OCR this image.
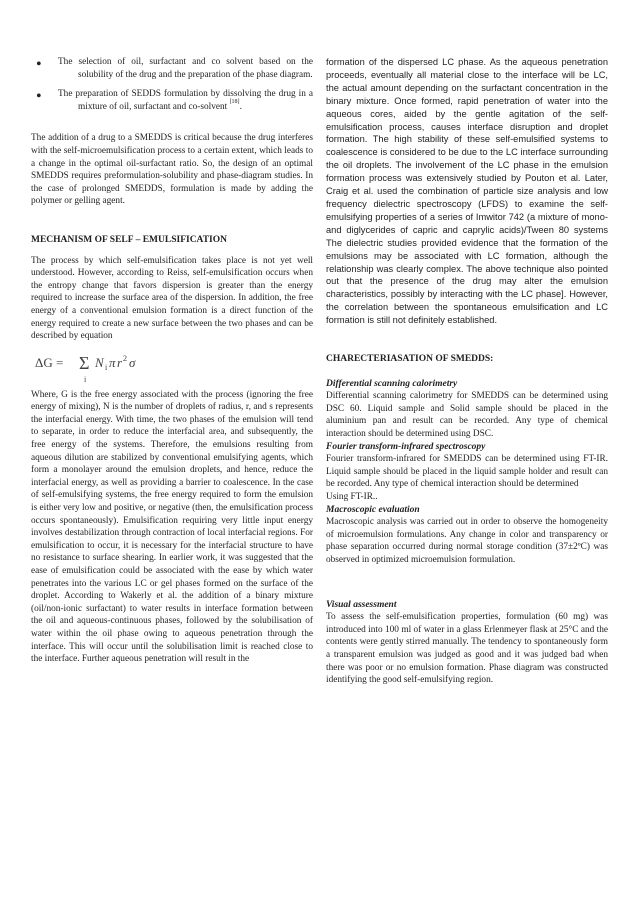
• The selection of oil, surfactant and co solvent based on the solubility of the drug and the preparation of the phase diagram.

• The preparation of SEDDS formulation by dissolving the drug in a mixture of oil, surfactant and co-solvent [18].

The addition of a drug to a SMEDDS is critical because the drug interferes with the self-microemulsification process to a certain extent, which leads to a change in the optimal oil-surfactant ratio. So, the design of an optimal SMEDDS requires preformulation-solubility and phase-diagram studies. In the case of prolonged SMEDDS, formulation is made by adding the polymer or gelling agent.

MECHANISM OF SELF – EMULSIFICATION

The process by which self-emulsification takes place is not yet well understood. However, according to Reiss, self-emulsification occurs when the entropy change that favors dispersion is greater than the energy required to increase the surface area of the dispersion. In addition, the free energy of a conventional emulsion formation is a direct function of the energy required to create a new surface between the two phases and can be described by equation

ΔG = Σ
i
N i π r 2 σ

Where, G is the free energy associated with the process (ignoring the free energy of mixing), N is the number of droplets of radius, r, and s represents the interfacial energy. With time, the two phases of the emulsion will tend to separate, in order to reduce the interfacial area, and subsequently, the free energy of the systems. Therefore, the emulsions resulting from aqueous dilution are stabilized by conventional emulsifying agents, which form a monolayer around the emulsion droplets, and hence, reduce the interfacial energy, as well as providing a barrier to coalescence. In the case of self-emulsifying systems, the free energy required to form the emulsion is either very low and positive, or negative (then, the emulsification process occurs spontaneously). Emulsification requiring very little input energy involves destabilization through contraction of local interfacial regions. For emulsification to occur, it is necessary for the interfacial structure to have no resistance to surface shearing. In earlier work, it was suggested that the ease of emulsification could be associated with the ease by which water penetrates into the various LC or gel phases formed on the surface of the droplet. According to Wakerly et al. the addition of a binary mixture (oil/non-ionic surfactant) to water results in interface formation between the oil and aqueous-continuous phases, followed by the solubilisation of water within the oil phase owing to aqueous penetration through the interface. This will occur until the solubilisation limit is reached close to the interface. Further aqueous penetration will result in the

formation of the dispersed LC phase. As the aqueous penetration proceeds, eventually all material close to the interface will be LC, the actual amount depending on the surfactant concentration in the binary mixture. Once formed, rapid penetration of water into the aqueous cores, aided by the gentle agitation of the self-emulsification process, causes interface disruption and droplet formation. The high stability of these self-emulsified systems to coalescence is considered to be due to the LC interface surrounding the oil droplets. The involvement of the LC phase in the emulsion formation process was extensively studied by Pouton et al. Later, Craig et al. used the combination of particle size analysis and low frequency dielectric spectroscopy (LFDS) to examine the self-emulsifying properties of a series of Imwitor 742 (a mixture of mono- and diglycerides of capric and caprylic acids)/Tween 80 systems The dielectric studies provided evidence that the formation of the emulsions may be associated with LC formation, although the relationship was clearly complex. The above technique also pointed out that the presence of the drug may alter the emulsion characteristics, possibly by interacting with the LC phase]. However, the correlation between the spontaneous emulsification and LC formation is still not definitely established.

CHARECTERIASATION OF SMEDDS:

Differential scanning calorimetry

Differential scanning calorimetry for SMEDDS can be determined using DSC 60. Liquid sample and Solid sample should be placed in the aluminium pan and result can be recorded. Any type of chemical interaction should be determined using DSC.

Fourier transform-infrared spectroscopy

Fourier transform-infrared for SMEDDS can be determined using FT-IR. Liquid sample should be placed in the liquid sample holder and result can be recorded. Any type of chemical interaction should be determined

Using FT-IR..

Macroscopic evaluation

Macroscopic analysis was carried out in order to observe the homogeneity of microemulsion formulations. Any change in color and transparency or phase separation occurred during normal storage condition (37±2ºC) was observed in optimized microemulsion formulation.

Visual assessment

To assess the self-emulsification properties, formulation (60 mg) was introduced into 100 ml of water in a glass Erlenmeyer flask at 25°C and the contents were gently stirred manually. The tendency to spontaneously form a transparent emulsion was judged as good and it was judged bad when there was poor or no emulsion formation. Phase diagram was constructed identifying the good self-emulsifying region.
